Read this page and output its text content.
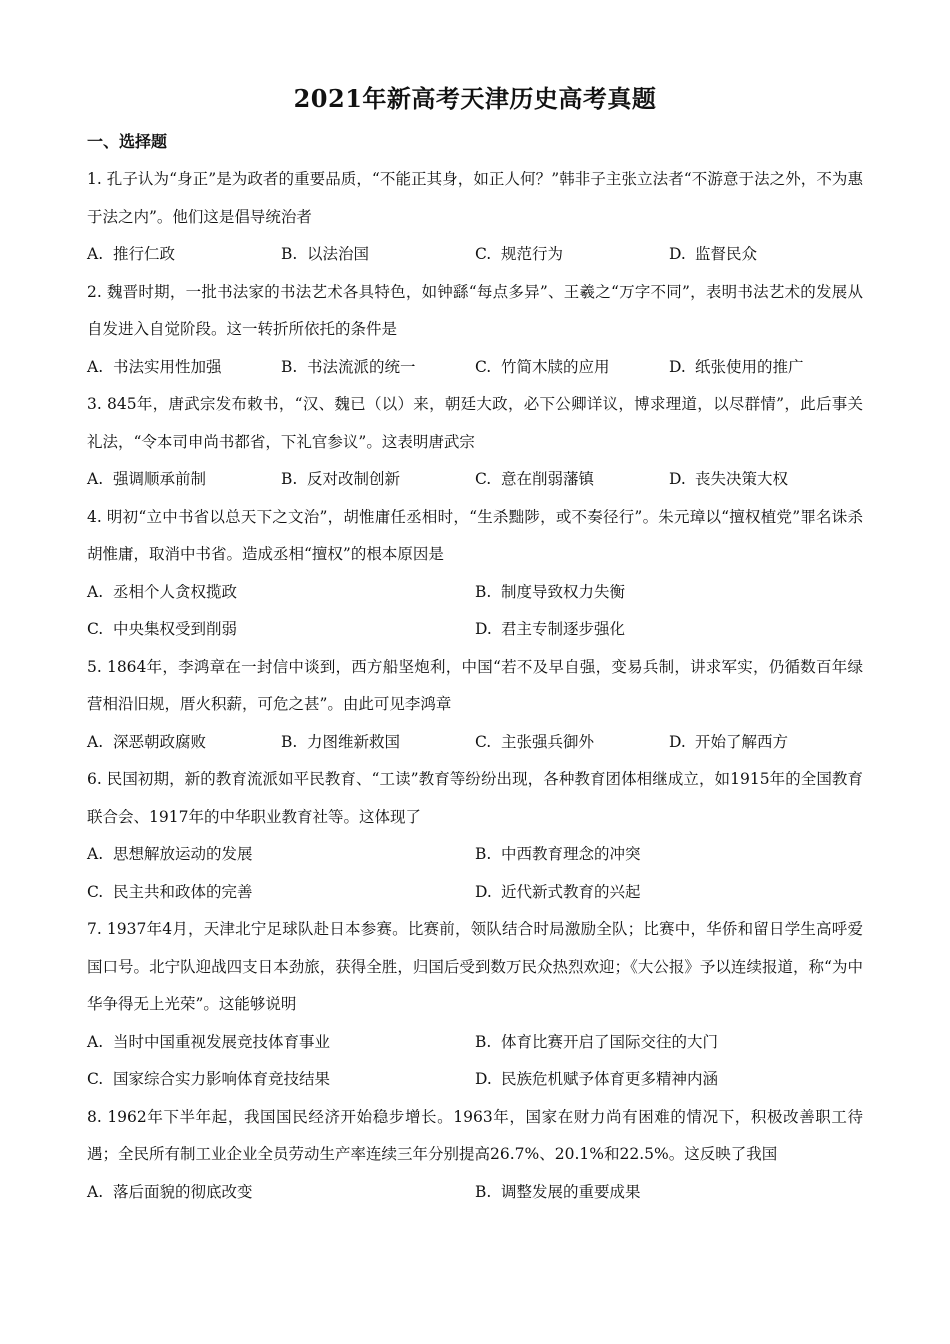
2021年新高考天津历史高考真题
一、选择题

1. 孔子认为“身正”是为政者的重要品质，“不能正其身，如正人何？”韩非子主张立法者“不游意于法之外，不为惠于法之内”。他们这是倡导统治者

A. 推行仁政	B. 以法治国	C. 规范行为	D. 监督民众

2. 魏晋时期，一批书法家的书法艺术各具特色，如钟繇“每点多异”、王羲之“万字不同”，表明书法艺术的发展从自发进入自觉阶段。这一转折所依托的条件是

A. 书法实用性加强	B. 书法流派的统一	C. 竹简木牍的应用	D. 纸张使用的推广

3. 845年，唐武宗发布敕书，“汉、魏已（以）来，朝廷大政，必下公卿详议，博求理道，以尽群情”，此后事关礼法，“令本司申尚书都省，下礼官参议”。这表明唐武宗

A. 强调顺承前制	B. 反对改制创新	C. 意在削弱藩镇	D. 丧失决策大权

4. 明初“立中书省以总天下之文治”，胡惟庸任丞相时，“生杀黜陟，或不奏径行”。朱元璋以“擅权植党”罪名诛杀胡惟庸，取消中书省。造成丞相“擅权”的根本原因是

A. 丞相个人贪权揽政	B. 制度导致权力失衡
C. 中央集权受到削弱	D. 君主专制逐步强化

5. 1864年，李鸿章在一封信中谈到，西方船坚炮利，中国“若不及早自强，变易兵制，讲求军实，仍循数百年绿营相沿旧规，厝火积薪，可危之甚”。由此可见李鸿章

A. 深恶朝政腐败	B. 力图维新救国	C. 主张强兵御外	D. 开始了解西方

6. 民国初期，新的教育流派如平民教育、“工读”教育等纷纷出现，各种教育团体相继成立，如1915年的全国教育联合会、1917年的中华职业教育社等。这体现了

A. 思想解放运动的发展	B. 中西教育理念的冲突
C. 民主共和政体的完善	D. 近代新式教育的兴起

7. 1937年4月，天津北宁足球队赴日本参赛。比赛前，领队结合时局激励全队；比赛中，华侨和留日学生高呼爱国口号。北宁队迎战四支日本劲旅，获得全胜，归国后受到数万民众热烈欢迎；《大公报》予以连续报道，称“为中华争得无上光荣”。这能够说明

A. 当时中国重视发展竞技体育事业	B. 体育比赛开启了国际交往的大门
C. 国家综合实力影响体育竞技结果	D. 民族危机赋予体育更多精神内涵

8. 1962年下半年起，我国国民经济开始稳步增长。1963年，国家在财力尚有困难的情况下，积极改善职工待遇；全民所有制工业企业全员劳动生产率连续三年分别提高26.7%、20.1%和22.5%。这反映了我国

A. 落后面貌的彻底改变	B. 调整发展的重要成果
